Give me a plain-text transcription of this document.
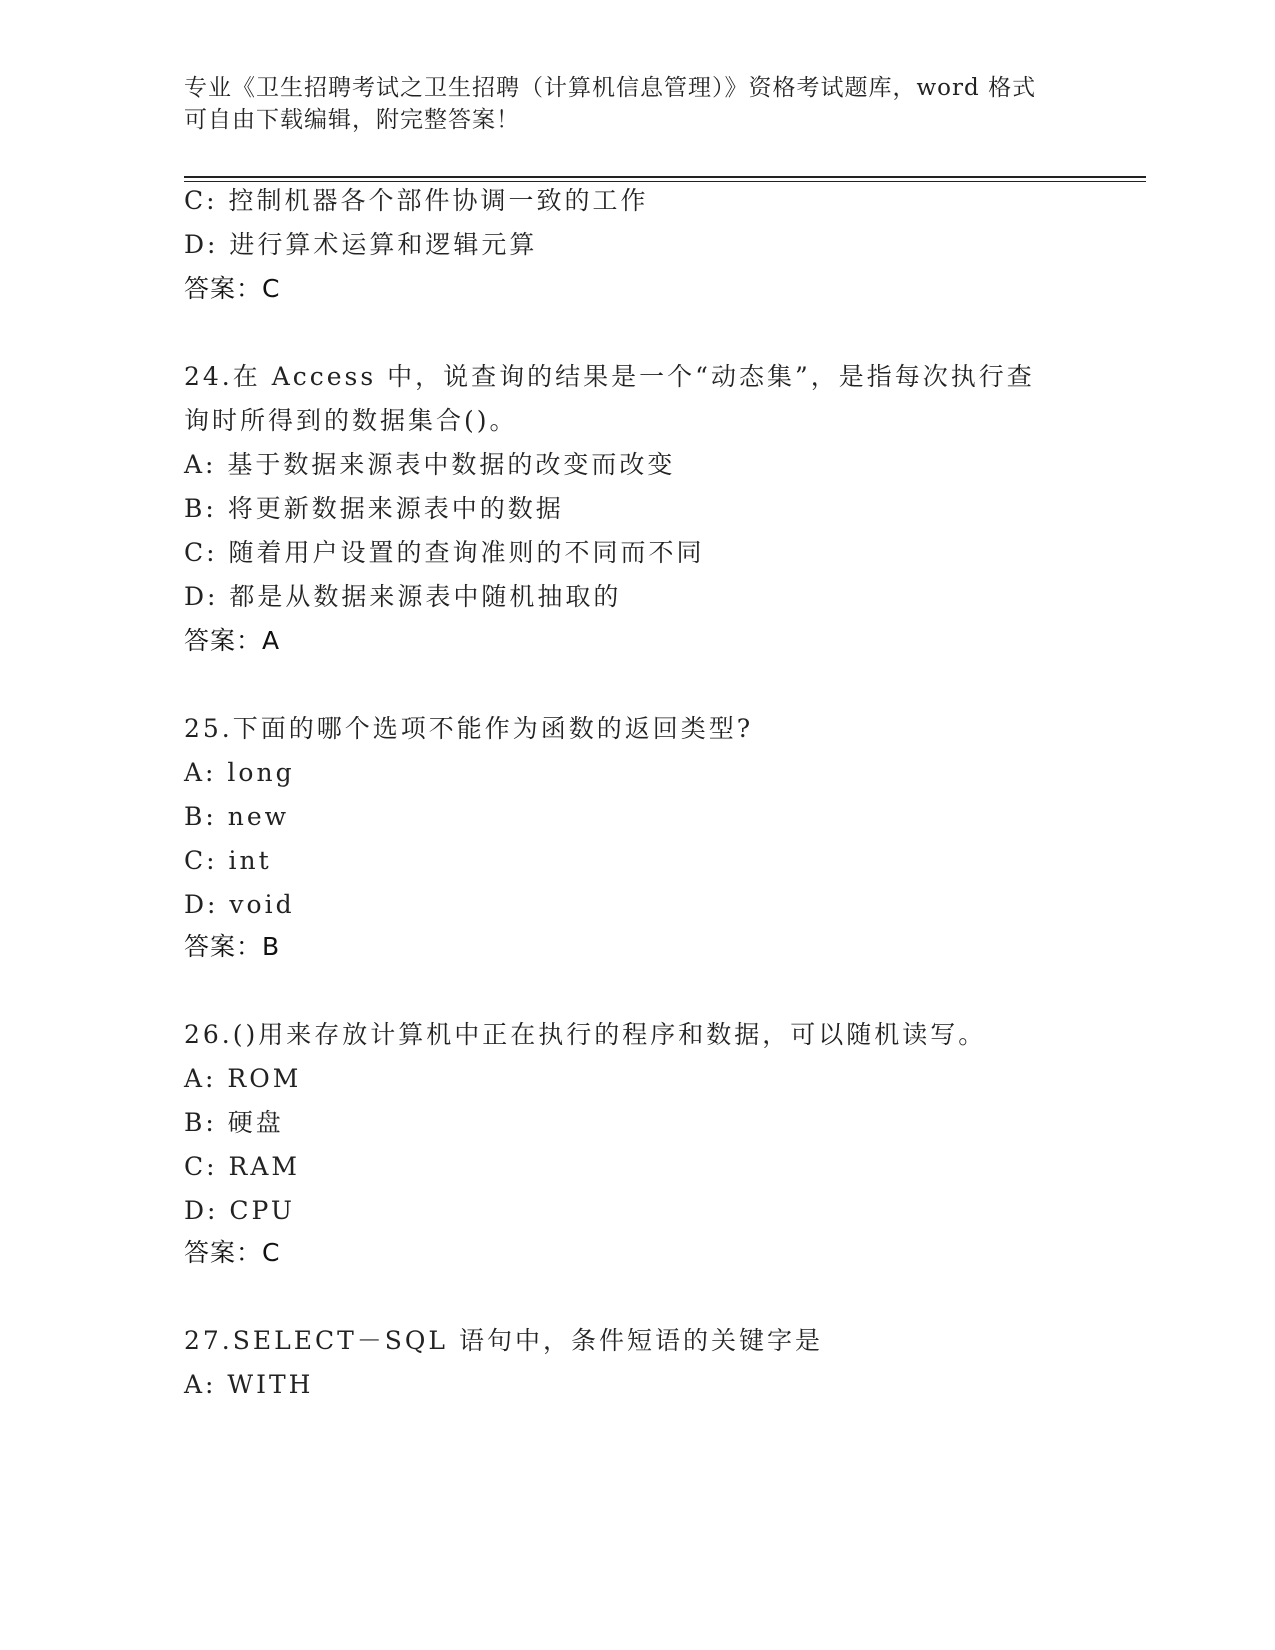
专业《卫生招聘考试之卫生招聘（计算机信息管理）》资格考试题库，word 格式
可自由下载编辑，附完整答案！
C: 控制机器各个部件协调一致的工作
D: 进行算术运算和逻辑元算
答案：C
24.在 Access 中，说查询的结果是一个“动态集”，是指每次执行查
询时所得到的数据集合()。
A: 基于数据来源表中数据的改变而改变
B: 将更新数据来源表中的数据
C: 随着用户设置的查询准则的不同而不同
D: 都是从数据来源表中随机抽取的
答案：A
25.下面的哪个选项不能作为函数的返回类型?
A: long
B: new
C: int
D: void
答案：B
26.()用来存放计算机中正在执行的程序和数据，可以随机读写。
A: ROM
B: 硬盘
C: RAM
D: CPU
答案：C
27.SELECT－SQL 语句中，条件短语的关键字是
A: WITH
